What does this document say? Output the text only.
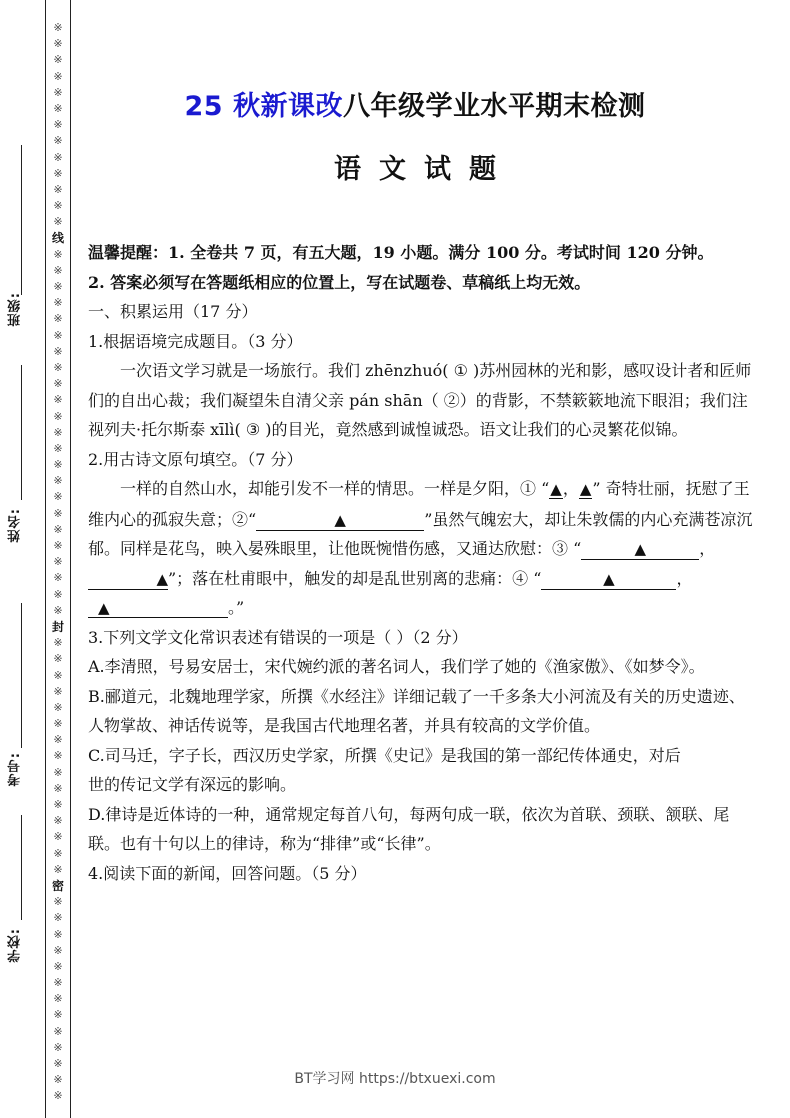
班级:
姓名:
考号:
学校:
※
※
※
※
※
※
※
※
※
※
※
※
※
线
※
※
※
※
※
※
※
※
※
※
※
※
※
※
※
※
※
※
※
※
※
※
※
封
※
※
※
※
※
※
※
※
※
※
※
※
※
※
※
密
※
※
※
※
※
※
※
※
※
※
※
※
※
25 秋新课改八年级学业水平期末检测
语文试题

温馨提醒：1. 全卷共 7 页，有五大题，19 小题。满分 100 分。考试时间 120 分钟。

2. 答案必须写在答题纸相应的位置上，写在试题卷、草稿纸上均无效。

一、积累运用（17 分）

1.根据语境完成题目。（3 分）

一次语文学习就是一场旅行。我们 zhēnzhuó( ① )苏州园林的光和影，感叹设计者和匠师们的自出心裁；我们凝望朱自清父亲 pán shān（ ②）的背影，不禁簌簌地流下眼泪；我们注视列夫·托尔斯泰 xīlì( ③ )的目光，竟然感到诚惶诚恐。语文让我们的心灵繁花似锦。

2.用古诗文原句填空。（7 分）

一样的自然山水，却能引发不一样的情思。一样是夕阳，① “▲，▲” 奇特壮丽，抚慰了王维内心的孤寂失意；②“	▲	”虽然气魄宏大，却让朱敦儒的内心充满苍凉沉郁。同样是花鸟，映入晏殊眼里，让他既惋惜伤感，又通达欣慰：③ “	▲	，▲”；落在杜甫眼中，触发的却是乱世别离的悲痛：④ “	▲	，▲	。”

3.下列文学文化常识表述有错误的一项是（ ）（2 分）

A.李清照，号易安居士，宋代婉约派的著名词人，我们学了她的《渔家傲》、《如梦令》。

B.郦道元，北魏地理学家，所撰《水经注》详细记载了一千多条大小河流及有关的历史遗迹、人物掌故、神话传说等，是我国古代地理名著，并具有较高的文学价值。

C.司马迁，字子长，西汉历史学家，所撰《史记》是我国的第一部纪传体通史，对后世的传记文学有深远的影响。

D.律诗是近体诗的一种，通常规定每首八句，每两句成一联，依次为首联、颈联、颔联、尾联。也有十句以上的律诗，称为“排律”或“长律”。

4.阅读下面的新闻，回答问题。（5 分）

BT学习网 https://btxuexi.com
